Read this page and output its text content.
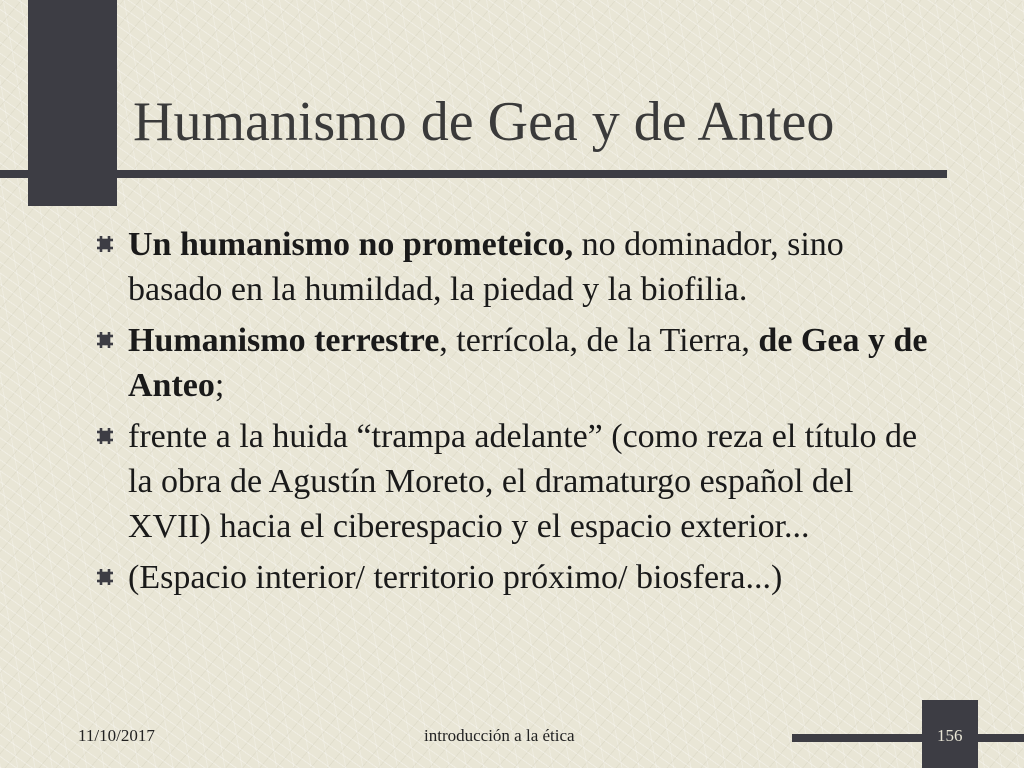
Humanismo de Gea y de Anteo
Un humanismo no prometeico, no dominador, sino basado en la humildad, la piedad y la biofilia.
Humanismo terrestre, terrícola, de la Tierra, de Gea y de Anteo;
frente a la huida “trampa adelante” (como reza el título de la obra de Agustín Moreto, el dramaturgo español del XVII) hacia el ciberespacio y el espacio exterior...
(Espacio interior/ territorio próximo/ biosfera...)
11/10/2017	introducción a la ética	156
